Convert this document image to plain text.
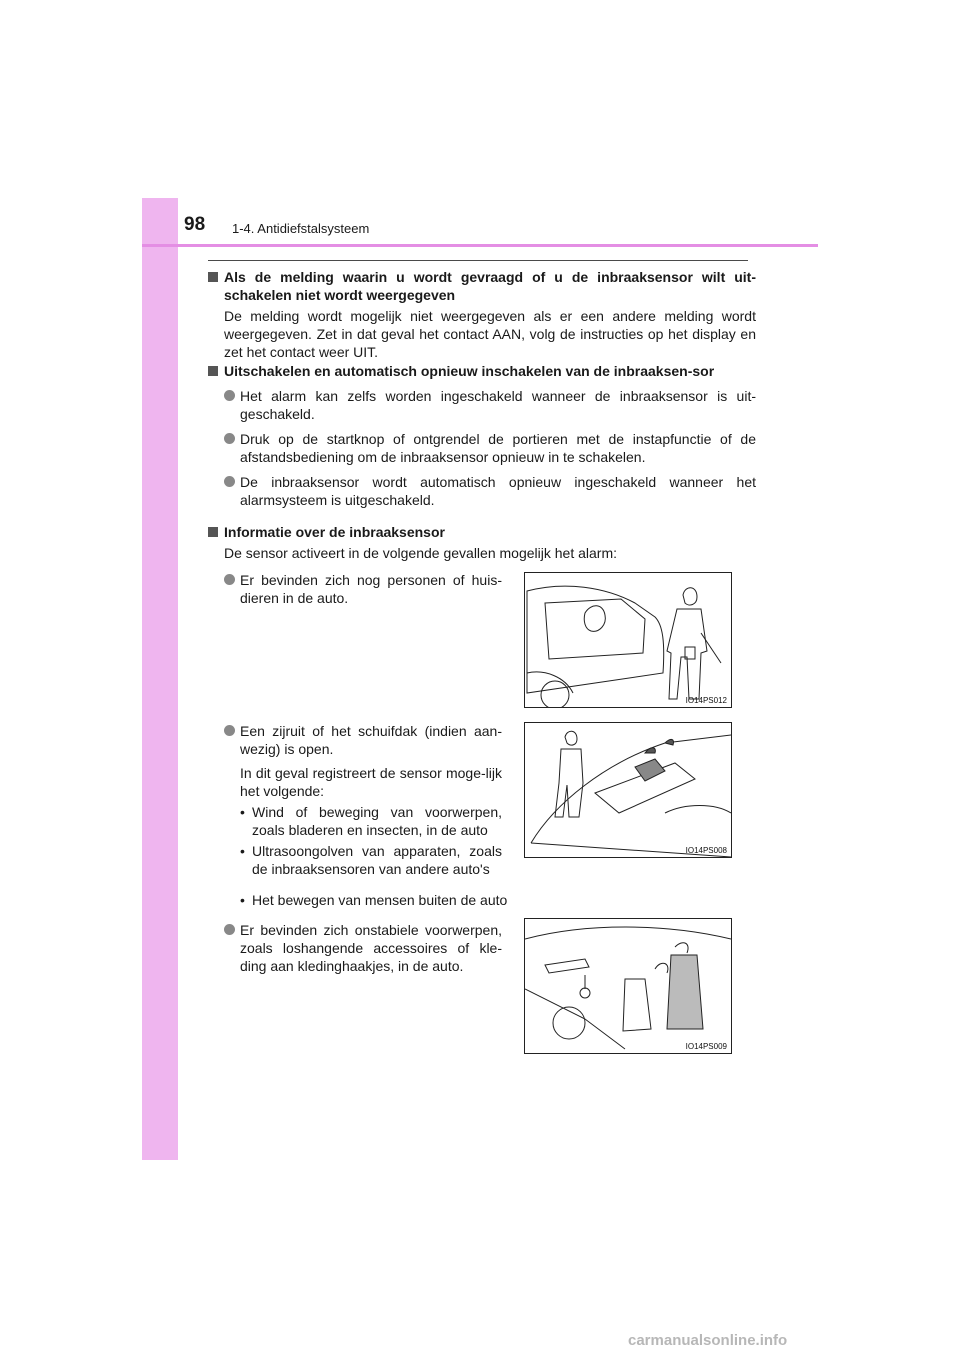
98 1-4. Antidiefstalsysteem
Als de melding waarin u wordt gevraagd of u de inbraaksensor wilt uit-schakelen niet wordt weergegeven
De melding wordt mogelijk niet weergegeven als er een andere melding wordt weergegeven. Zet in dat geval het contact AAN, volg de instructies op het display en zet het contact weer UIT.
Uitschakelen en automatisch opnieuw inschakelen van de inbraaksen-sor
Het alarm kan zelfs worden ingeschakeld wanneer de inbraaksensor is uit-geschakeld.
Druk op de startknop of ontgrendel de portieren met de instapfunctie of de afstandsbediening om de inbraaksensor opnieuw in te schakelen.
De inbraaksensor wordt automatisch opnieuw ingeschakeld wanneer het alarmsysteem is uitgeschakeld.
Informatie over de inbraaksensor
De sensor activeert in de volgende gevallen mogelijk het alarm:
Er bevinden zich nog personen of huis-dieren in de auto.
Een zijruit of het schuifdak (indien aan-wezig) is open.
In dit geval registreert de sensor moge-lijk het volgende:
• Wind of beweging van voorwerpen, zoals bladeren en insecten, in de auto
• Ultrasoongolven van apparaten, zoals de inbraaksensoren van andere auto's
• Het bewegen van mensen buiten de auto
Er bevinden zich onstabiele voorwerpen, zoals loshangende accessoires of kle-ding aan kledinghaakjes, in de auto.
IO14PS012
IO14PS008
IO14PS009
carmanualsonline.info
